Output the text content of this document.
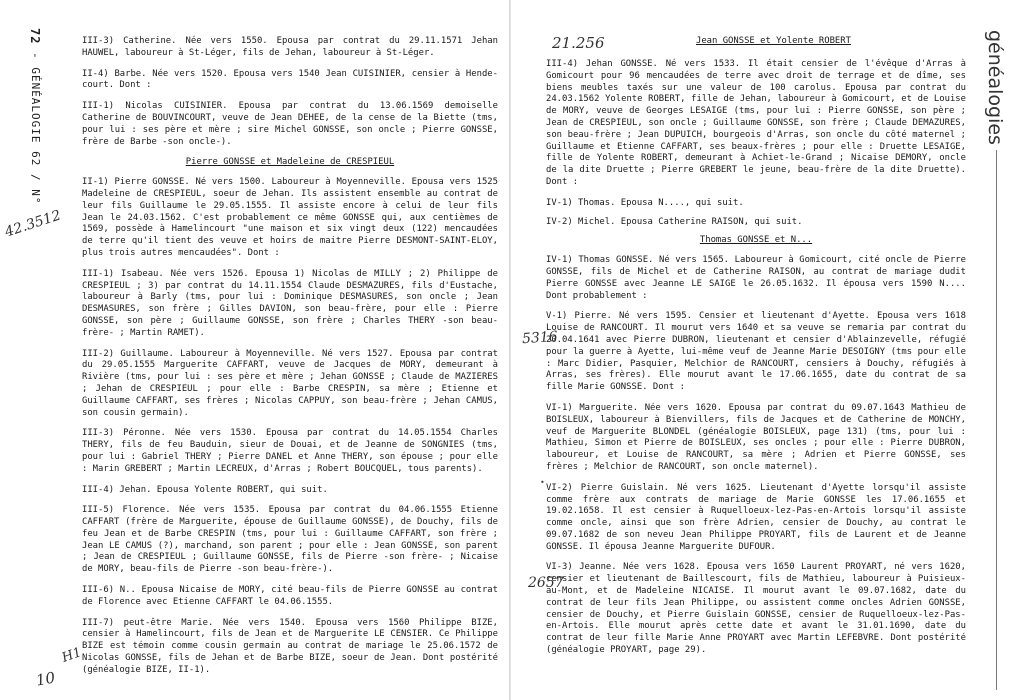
72 - GÉNÉALOGIE 62 / N°

III-3) Catherine. Née vers 1550. Epousa par contrat du 29.11.1571 Jehan HAUWEL, laboureur à St-Léger, fils de Jehan, laboureur à St-Léger.

II-4) Barbe. Née vers 1520. Epousa vers 1540 Jean CUISINIER, censier à Hende-court. Dont :

III-1) Nicolas CUISINIER. Epousa par contrat du 13.06.1569 demoiselle Catherine de BOUVINCOURT, veuve de Jean DEHEE, de la cense de la Biette (tms, pour lui : ses père et mère ; sire Michel GONSSE, son oncle ; Pierre GONSSE, frère de Barbe -son oncle-).

Pierre GONSSE et Madeleine de CRESPIEUL

II-1) Pierre GONSSE. Né vers 1500. Laboureur à Moyenneville. Epousa vers 1525 Madeleine de CRESPIEUL, soeur de Jehan. Ils assistent ensemble au contrat de leur fils Guillaume le 29.05.1555. Il assiste encore à celui de leur fils Jean le 24.03.1562. C'est probablement ce même GONSSE qui, aux centièmes de 1569, possède à Hamelincourt "une maison et six vingt deux (122) mencaudées de terre qu'il tient des veuve et hoirs de maitre Pierre DESMONT-SAINT-ELOY, plus trois autres mencaudées". Dont :

III-1) Isabeau. Née vers 1526. Epousa 1) Nicolas de MILLY ; 2) Philippe de CRESPIEUL ; 3) par contrat du 14.11.1554 Claude DESMAZURES, fils d'Eustache, laboureur à Barly (tms, pour lui : Dominique DESMASURES, son oncle ; Jean DESMASURES, son frère ; Gilles DAVION, son beau-frère, pour elle : Pierre GONSSE, son père ; Guillaume GONSSE, son frère ; Charles THERY -son beau-frère- ; Martin RAMET).

III-2) Guillaume. Laboureur à Moyenneville. Né vers 1527. Epousa par contrat du 29.05.1555 Marguerite CAFFART, veuve de Jacques de MORY, demeurant à Rivière (tms, pour lui : ses père et mère ; Jehan GONSSE ; Claude de MAZIERES ; Jehan de CRESPIEUL ; pour elle : Barbe CRESPIN, sa mère ; Etienne et Guillaume CAFFART, ses frères ; Nicolas CAPPUY, son beau-frère ; Jehan CAMUS, son cousin germain).

III-3) Péronne. Née vers 1530. Epousa par contrat du 14.05.1554 Charles THERY, fils de feu Bauduin, sieur de Douai, et de Jeanne de SONGNIES (tms, pour lui : Gabriel THERY ; Pierre DANEL et Anne THERY, son épouse ; pour elle : Marin GREBERT ; Martin LECREUX, d'Arras ; Robert BOUCQUEL, tous parents).

III-4) Jehan. Epousa Yolente ROBERT, qui suit.

III-5) Florence. Née vers 1535. Epousa par contrat du 04.06.1555 Etienne CAFFART (frère de Marguerite, épouse de Guillaume GONSSE), de Douchy, fils de feu Jean et de Barbe CRESPIN (tms, pour lui : Guillaume CAFFART, son frère ; Jean LE CAMUS (?), marchand, son parent ; pour elle : Jean GONSSE, son parent ; Jean de CRESPIEUL ; Guillaume GONSSE, fils de Pierre -son frère- ; Nicaise de MORY, beau-fils de Pierre -son beau-frère-).

III-6) N.. Epousa Nicaise de MORY, cité beau-fils de Pierre GONSSE au contrat de Florence avec Etienne CAFFART le 04.06.1555.

III-7) peut-être Marie. Née vers 1540. Epousa vers 1560 Philippe BIZE, censier à Hamelincourt, fils de Jean et de Marguerite LE CENSIER. Ce Philippe BIZE est témoin comme cousin germain au contrat de mariage le 25.06.1572 de Nicolas GONSSE, fils de Jehan et de Barbe BIZE, soeur de Jean. Dont postérité (généalogie BIZE, II-1).

42.3512
H1
10
Jean GONSSE et Yolente ROBERT

III-4) Jehan GONSSE. Né vers 1533. Il était censier de l'évêque d'Arras à Gomicourt pour 96 mencaudées de terre avec droit de terrage et de dîme, ses biens meubles taxés sur une valeur de 100 carolus. Epousa par contrat du 24.03.1562 Yolente ROBERT, fille de Jehan, laboureur à Gomicourt, et de Louise de MORY, veuve de Georges LESAIGE (tms, pour lui : Pierre GONSSE, son père ; Jean de CRESPIEUL, son oncle ; Guillaume GONSSE, son frère ; Claude DEMAZURES, son beau-frère ; Jean DUPUICH, bourgeois d'Arras, son oncle du côté maternel ; Guillaume et Etienne CAFFART, ses beaux-frères ; pour elle : Druette LESAIGE, fille de Yolente ROBERT, demeurant à Achiet-le-Grand ; Nicaise DEMORY, oncle de la dite Druette ; Pierre GREBERT le jeune, beau-frère de la dite Druette). Dont :

IV-1) Thomas. Epousa N...., qui suit.

IV-2) Michel. Epousa Catherine RAISON, qui suit.

Thomas GONSSE et N...

IV-1) Thomas GONSSE. Né vers 1565. Laboureur à Gomicourt, cité oncle de Pierre GONSSE, fils de Michel et de Catherine RAISON, au contrat de mariage dudit Pierre GONSSE avec Jeanne LE SAIGE le 26.05.1632. Il épousa vers 1590 N.... Dont probablement :

V-1) Pierre. Né vers 1595. Censier et lieutenant d'Ayette. Epousa vers 1618 Louise de RANCOURT. Il mourut vers 1640 et sa veuve se remaria par contrat du 20.04.1641 avec Pierre DUBRON, lieutenant et censier d'Ablainzevelle, réfugié pour la guerre à Ayette, lui-même veuf de Jeanne Marie DESOIGNY (tms pour elle : Marc Didier, Pasquier, Melchior de RANCOURT, censiers à Douchy, réfugiés à Arras, ses frères). Elle mourut avant le 17.06.1655, date du contrat de sa fille Marie GONSSE. Dont :

VI-1) Marguerite. Née vers 1620. Epousa par contrat du 09.07.1643 Mathieu de BOISLEUX, laboureur à Bienvillers, fils de Jacques et de Catherine de MONCHY, veuf de Marguerite BLONDEL (généalogie BOISLEUX, page 131) (tms, pour lui : Mathieu, Simon et Pierre de BOISLEUX, ses oncles ; pour elle : Pierre DUBRON, laboureur, et Louise de RANCOURT, sa mère ; Adrien et Pierre GONSSE, ses frères ; Melchior de RANCOURT, son oncle maternel).

VI-2) Pierre Guislain. Né vers 1625. Lieutenant d'Ayette lorsqu'il assiste comme frère aux contrats de mariage de Marie GONSSE les 17.06.1655 et 19.02.1658. Il est censier à Ruquelloeux-lez-Pas-en-Artois lorsqu'il assiste comme oncle, ainsi que son frère Adrien, censier de Douchy, au contrat le 09.07.1682 de son neveu Jean Philippe PROYART, fils de Laurent et de Jeanne GONSSE. Il épousa Jeanne Marguerite DUFOUR.

VI-3) Jeanne. Née vers 1628. Epousa vers 1650 Laurent PROYART, né vers 1620, censier et lieutenant de Baillescourt, fils de Mathieu, laboureur à Puisieux-au-Mont, et de Madeleine NICAISE. Il mourut avant le 09.07.1682, date du contrat de leur fils Jean Philippe, ou assistent comme oncles Adrien GONSSE, censier de Douchy, et Pierre Guislain GONSSE, censier de Ruquelloeux-lez-Pas-en-Artois. Elle mourut après cette date et avant le 31.01.1690, date du contrat de leur fille Marie Anne PROYART avec Martin LEFEBVRE. Dont postérité (généalogie PROYART, page 29).

généalogies
21.256
5316
2657
•
